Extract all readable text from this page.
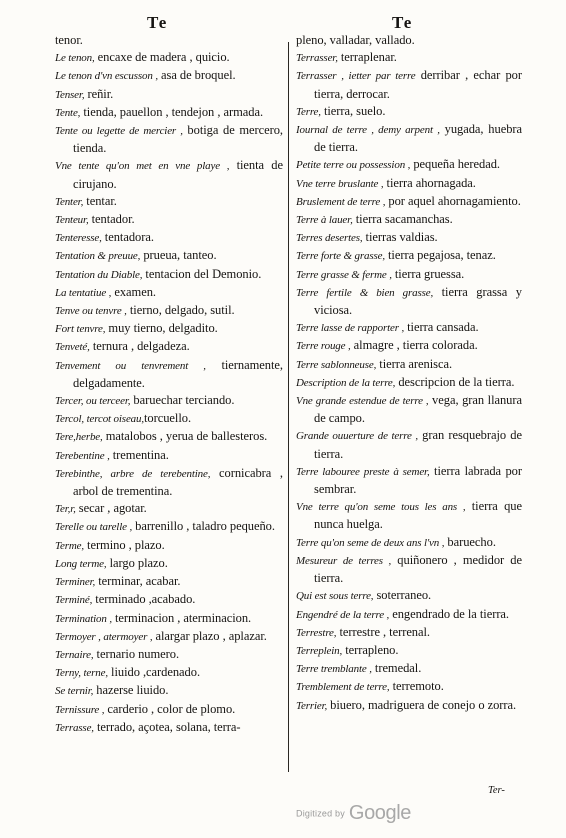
Te	Te

tenor.

Le tenon, encaxe de madera , quicio.

Le tenon d'vn escusson , asa de broquel.

Tenser, reñir.

Tente, tienda, pauellon , tendejon , armada.

Tente ou legette de mercier , botiga de mercero, tienda.

Vne tente qu'on met en vne playe , tienta de cirujano.

Tenter, tentar.

Tenteur, tentador.

Tenteresse, tentadora.

Tentation & preuue, prueua, tanteo.

Tentation du Diable, tentacion del Demonio.

La tentatiue , examen.

Tenve ou tenvre , tierno, delgado, sutil.

Fort tenvre, muy tierno, delgadito.

Tenveté, ternura , delgadeza.

Tenvement ou tenvrement , tiernamente, delgadamente.

Tercer, ou terceer, baruechar terciando.

Tercol, tercot oiseau,torcuello.

Tere,herbe, matalobos , yerua de ballesteros.

Terebentine , trementina.

Terebinthe, arbre de terebentine, cornicabra , arbol de trementina.

Ter,r, secar , agotar.

Terelle ou tarelle , barrenillo , taladro pequeño.

Terme, termino , plazo.

Long terme, largo plazo.

Terminer, terminar, acabar.

Terminé, terminado ,acabado.

Termination , terminacion , aterminacion.

Termoyer , atermoyer , alargar plazo , aplazar.

Ternaire, ternario numero.

Terny, terne, liuido ,cardenado.

Se ternir, hazerse liuido.

Ternissure , carderio , color de plomo.

Terrasse, terrado, açotea, solana, terra-

pleno, valladar, vallado.

Terrasser, terraplenar.

Terrasser , ietter par terre derribar , echar por tierra, derrocar.

Terre, tierra, suelo.

Iournal de terre , demy arpent , yugada, huebra de tierra.

Petite terre ou possession , pequeña heredad.

Vne terre bruslante , tierra ahornagada.

Bruslement de terre , por aquel ahornagamiento.

Terre à lauer, tierra sacamanchas.

Terres desertes, tierras valdias.

Terre forte & grasse, tierra pegajosa, tenaz.

Terre grasse & ferme , tierra gruessa.

Terre fertile & bien grasse, tierra grassa y viciosa.

Terre lasse de rapporter , tierra cansada.

Terre rouge , almagre , tierra colorada.

Terre sablonneuse, tierra arenisca.

Description de la terre, descripcion de la tierra.

Vne grande estendue de terre , vega, gran llanura de campo.

Grande ouuerture de terre , gran resquebrajo de tierra.

Terre labouree preste à semer, tierra labrada por sembrar.

Vne terre qu'on seme tous les ans , tierra que nunca huelga.

Terre qu'on seme de deux ans l'vn , baruecho.

Mesureur de terres , quiñonero , medidor de tierra.

Qui est sous terre, soterraneo.

Engendré de la terre , engendrado de la tierra.

Terrestre, terrestre , terrenal.

Terreplein, terrapleno.

Terre tremblante , tremedal.

Tremblement de terre, terremoto.

Terrier, biuero, madriguera de conejo o zorra.

Ter-
Digitized by Google
